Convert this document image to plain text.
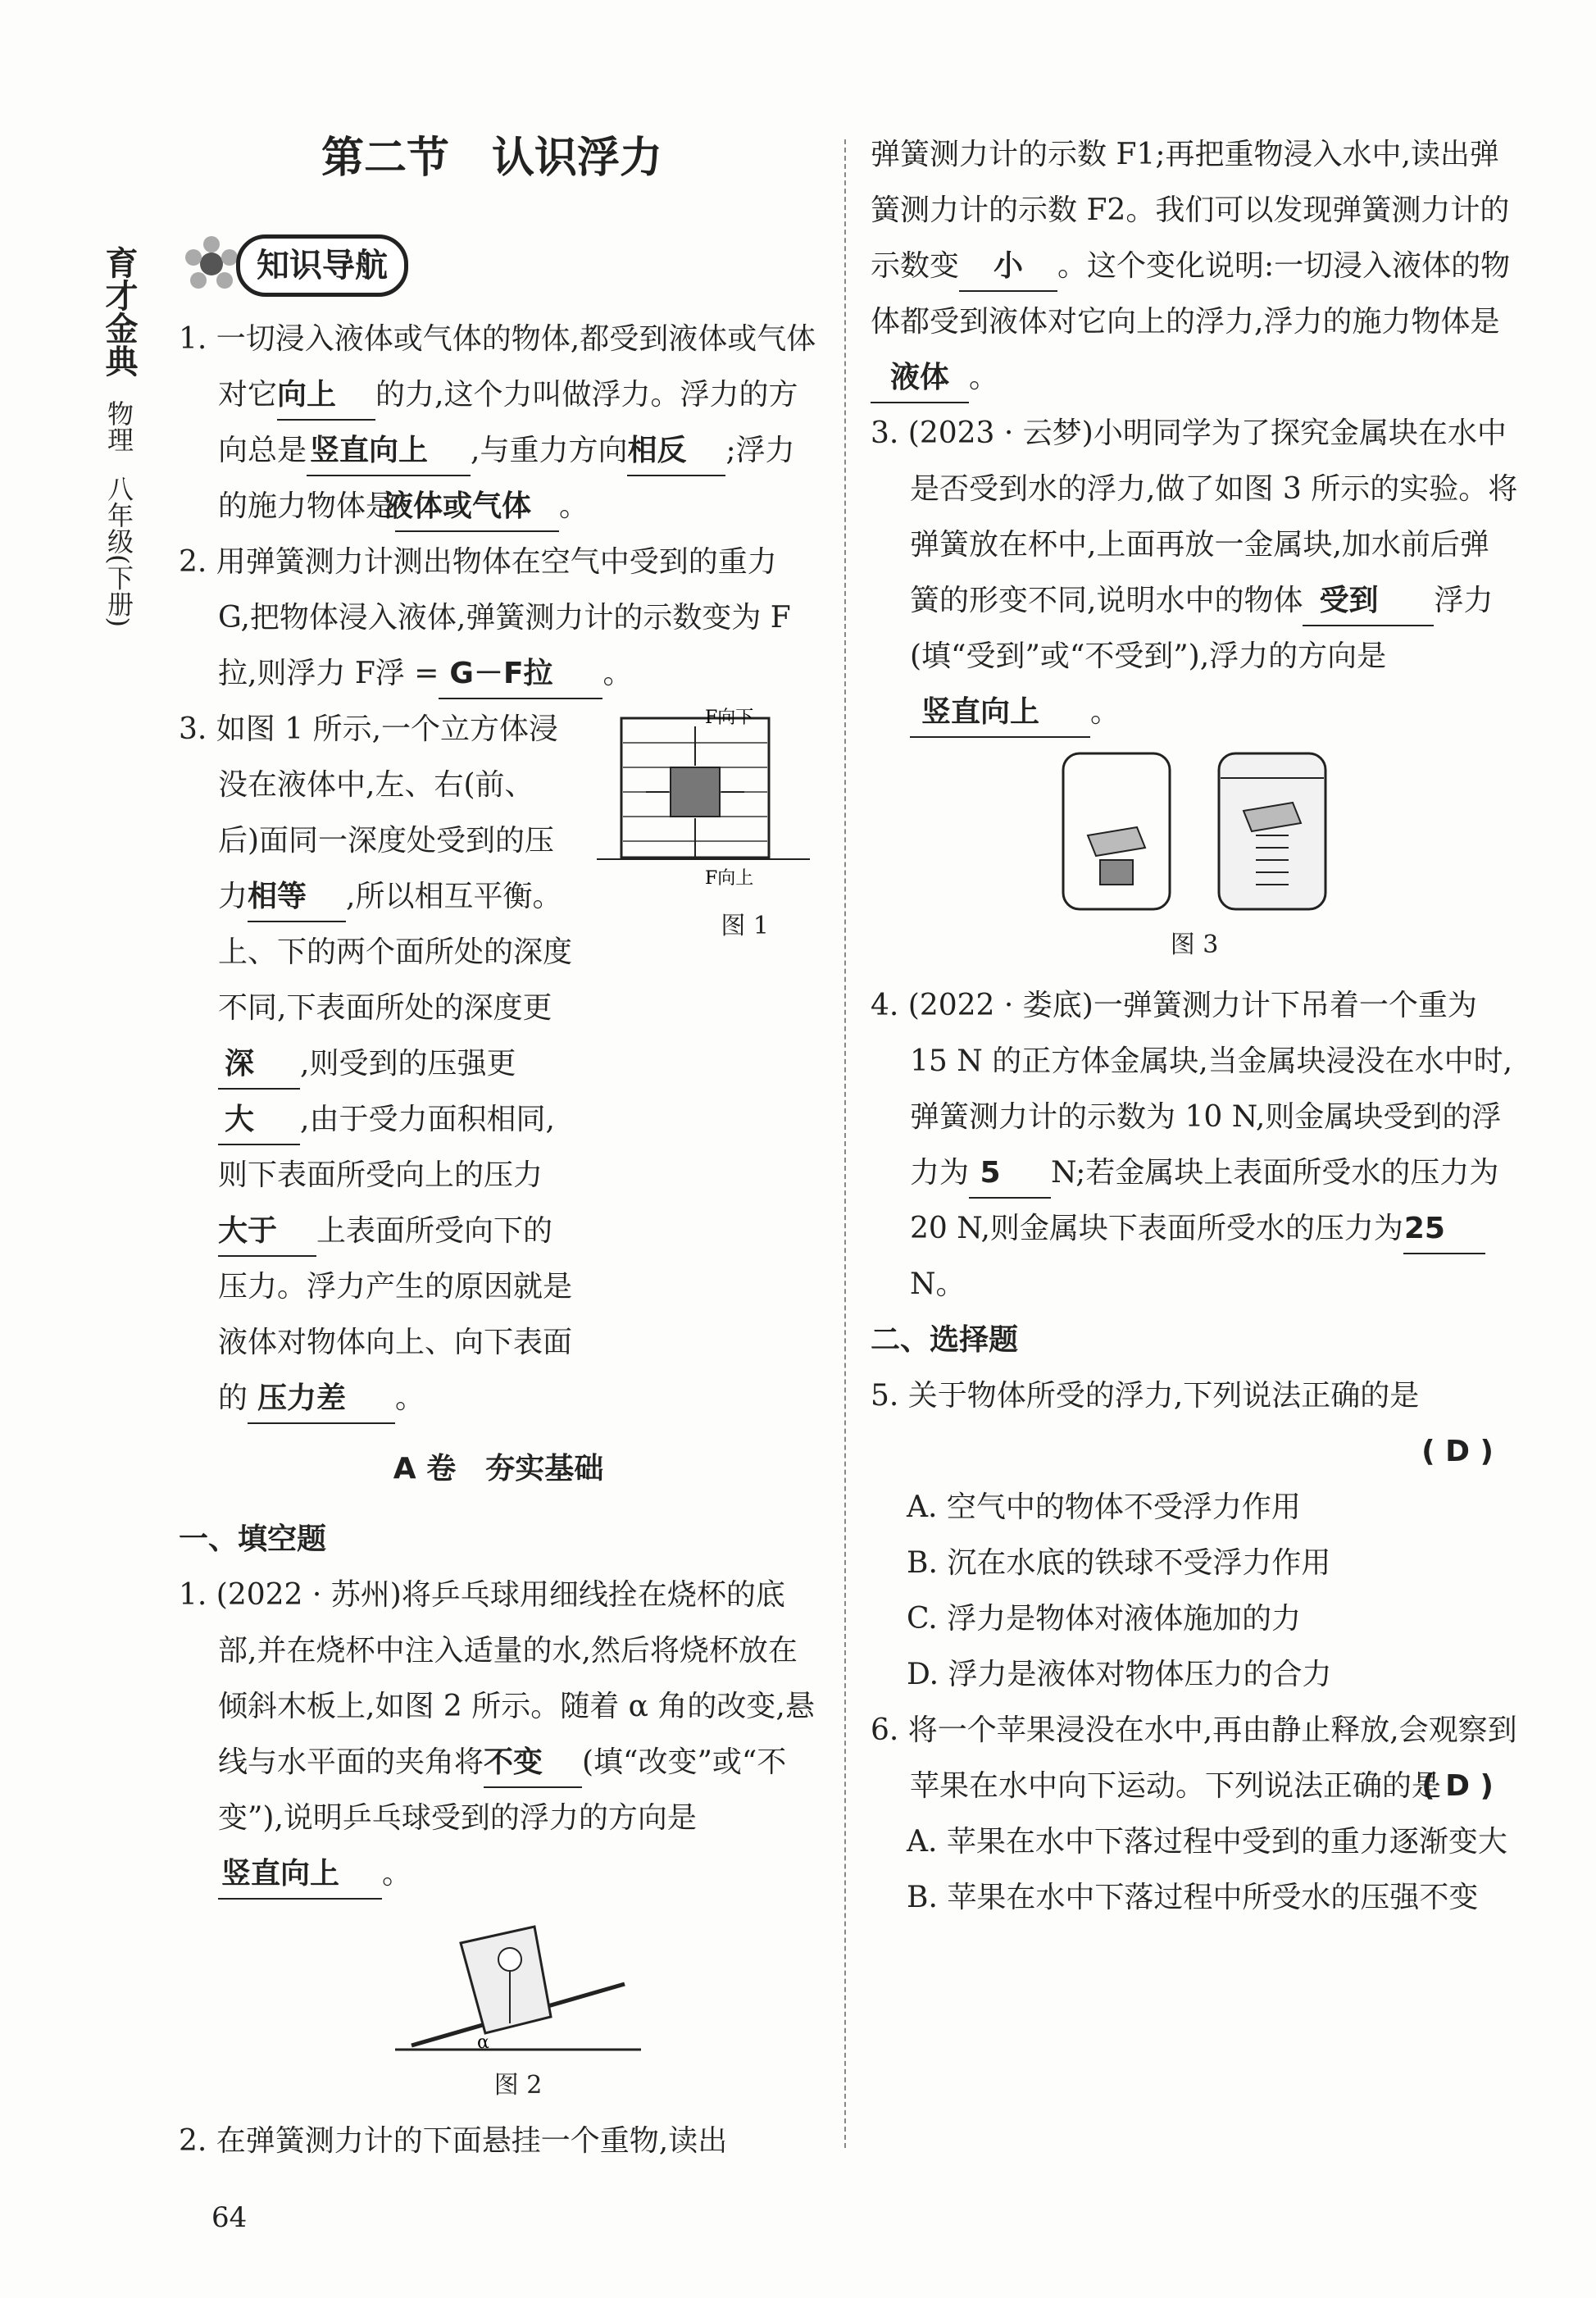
育才金典
物理
八年级(下册)
第二节　认识浮力
知识导航

1. 一切浸入液体或气体的物体,都受到液体或气体对它向上 的力,这个力叫做浮力。浮力的方向总是 竖直向上 ,与重力方向相反 ;浮力的施力物体是液体或气体 。

2. 用弹簧测力计测出物体在空气中受到的重力 G,把物体浸入液体,弹簧测力计的示数变为 F拉,则浮力 F浮 = G－F拉 。

F向下
F向上
图 1

3. 如图 1 所示,一个立方体浸没在液体中,左、右(前、后)面同一深度处受到的压力相等 ,所以相互平衡。上、下的两个面所处的深度不同,下表面所处的深度更深 ,则受到的压强更大 ,由于受力面积相同,则下表面所受向上的压力大于 上表面所受向下的压力。浮力产生的原因就是液体对物体向上、向下表面的 压力差 。

A 卷　夯实基础

一、填空题

1. (2022 · 苏州)将乒乓球用细线拴在烧杯的底部,并在烧杯中注入适量的水,然后将烧杯放在倾斜木板上,如图 2 所示。随着 α 角的改变,悬线与水平面的夹角将不变 (填“改变”或“不变”),说明乒乓球受到的浮力的方向是竖直向上 。

α
图 2

2. 在弹簧测力计的下面悬挂一个重物,读出

弹簧测力计的示数 F1;再把重物浸入水中,读出弹簧测力计的示数 F2。我们可以发现弹簧测力计的示数变 小 。这个变化说明:一切浸入液体的物体都受到液体对它向上的浮力,浮力的施力物体是液体 。

3. (2023 · 云梦)小明同学为了探究金属块在水中是否受到水的浮力,做了如图 3 所示的实验。将弹簧放在杯中,上面再放一金属块,加水前后弹簧的形变不同,说明水中的物体 受到 浮力(填“受到”或“不受到”),浮力的方向是竖直向上 。

图 3

4. (2022 · 娄底)一弹簧测力计下吊着一个重为 15 N 的正方体金属块,当金属块浸没在水中时,弹簧测力计的示数为 10 N,则金属块受到的浮力为 5 N;若金属块上表面所受水的压力为 20 N,则金属块下表面所受水的压力为25N。

二、选择题

5. 关于物体所受的浮力,下列说法正确的是

( D )

A. 空气中的物体不受浮力作用

B. 沉在水底的铁球不受浮力作用

C. 浮力是物体对液体施加的力

D. 浮力是液体对物体压力的合力

6. 将一个苹果浸没在水中,再由静止释放,会观察到苹果在水中向下运动。下列说法正确的是

( D )

A. 苹果在水中下落过程中受到的重力逐渐变大

B. 苹果在水中下落过程中所受水的压强不变

64
